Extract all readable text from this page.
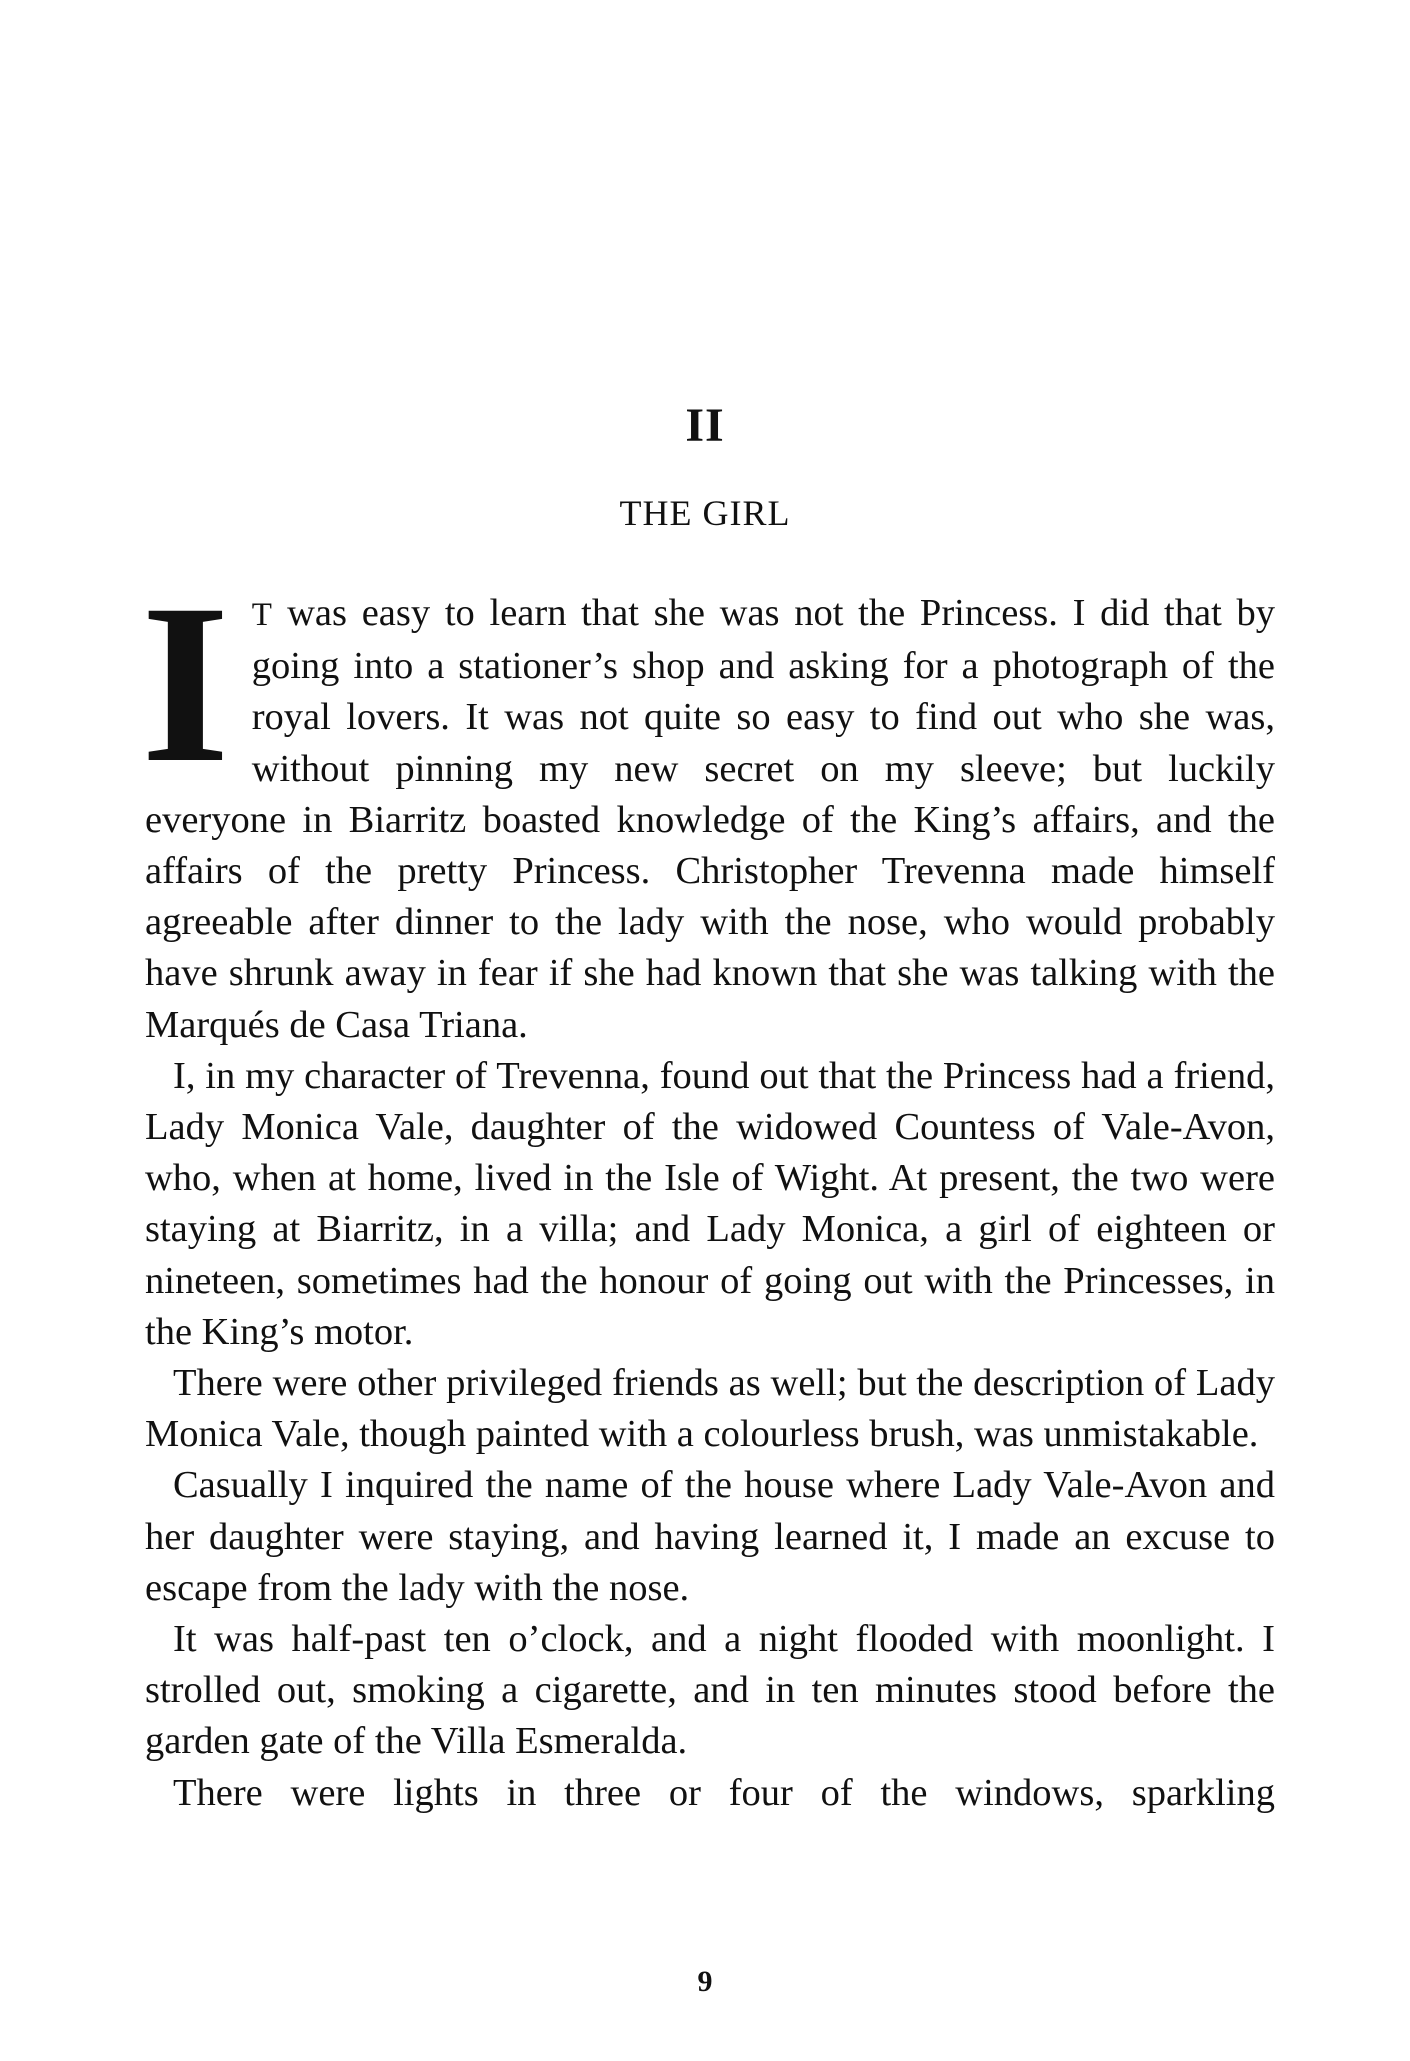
II
THE GIRL

I T was easy to learn that she was not the Princess. I did that by going into a stationer’s shop and asking for a photograph of the royal lovers. It was not quite so easy to find out who she was, without pinning my new secret on my sleeve; but luckily everyone in Biarritz boasted knowledge of the King’s affairs, and the affairs of the pretty Princess. Christopher Trevenna made himself agreeable after dinner to the lady with the nose, who would probably have shrunk away in fear if she had known that she was talking with the Marqués de Casa Triana.

I, in my character of Trevenna, found out that the Princess had a friend, Lady Monica Vale, daughter of the widowed Countess of Vale-Avon, who, when at home, lived in the Isle of Wight. At present, the two were staying at Biarritz, in a villa; and Lady Monica, a girl of eighteen or nineteen, sometimes had the honour of going out with the Princesses, in the King’s motor.

There were other privileged friends as well; but the description of Lady Monica Vale, though painted with a colourless brush, was unmistakable.

Casually I inquired the name of the house where Lady Vale-Avon and her daughter were staying, and having learned it, I made an excuse to escape from the lady with the nose.

It was half-past ten o’clock, and a night flooded with moonlight. I strolled out, smoking a cigarette, and in ten minutes stood before the garden gate of the Villa Esmeralda.

There were lights in three or four of the windows, sparkling

9
